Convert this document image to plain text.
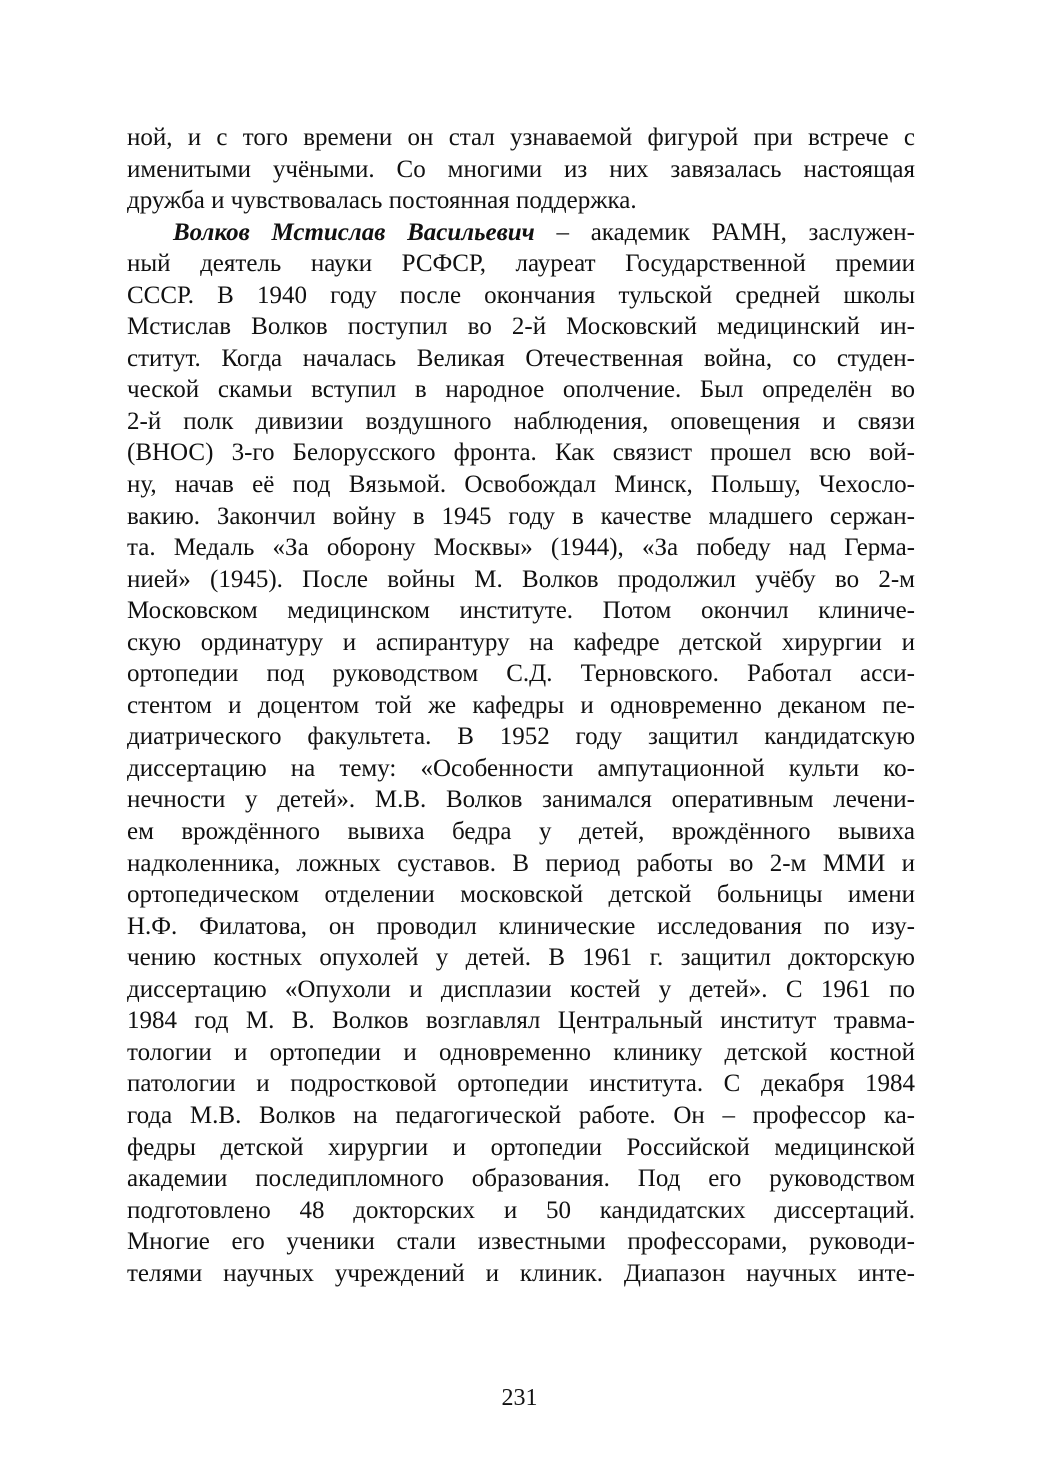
ной, и с того времени он стал узнаваемой фигурой при встрече с
именитыми учёными. Со многими из них завязалась настоящая
дружба и чувствовалась постоянная поддержка.
Волков Мстислав Васильевич – академик РАМН, заслужен-
ный деятель науки РСФСР, лауреат Государственной премии
СССР. В 1940 году после окончания тульской средней школы
Мстислав Волков поступил во 2-й Московский медицинский ин-
ститут. Когда началась Великая Отечественная война, со студен-
ческой скамьи вступил в народное ополчение. Был определён во
2-й полк дивизии воздушного наблюдения, оповещения и связи
(ВНОС) 3-го Белорусского фронта. Как связист прошел всю вой-
ну, начав её под Вязьмой. Освобождал Минск, Польшу, Чехосло-
вакию. Закончил войну в 1945 году в качестве младшего сержан-
та. Медаль «За оборону Москвы» (1944), «За победу над Герма-
нией» (1945). После войны М. Волков продолжил учёбу во 2-м
Московском медицинском институте. Потом окончил клиниче-
скую ординатуру и аспирантуру на кафедре детской хирургии и
ортопедии под руководством С.Д. Терновского. Работал асси-
стентом и доцентом той же кафедры и одновременно деканом пе-
диатрического факультета. В 1952 году защитил кандидатскую
диссертацию на тему: «Особенности ампутационной культи ко-
нечности у детей». М.В. Волков занимался оперативным лечени-
ем врождённого вывиха бедра у детей, врождённого вывиха
надколенника, ложных суставов. В период работы во 2-м ММИ и
ортопедическом отделении московской детской больницы имени
Н.Ф. Филатова, он проводил клинические исследования по изу-
чению костных опухолей у детей. В 1961 г. защитил докторскую
диссертацию «Опухоли и дисплазии костей у детей». С 1961 по
1984 год М. В. Волков возглавлял Центральный институт травма-
тологии и ортопедии и одновременно клинику детской костной
патологии и подростковой ортопедии института. С декабря 1984
года М.В. Волков на педагогической работе. Он – профессор ка-
федры детской хирургии и ортопедии Российской медицинской
академии последипломного образования. Под его руководством
подготовлено 48 докторских и 50 кандидатских диссертаций.
Многие его ученики стали известными профессорами, руководи-
телями научных учреждений и клиник. Диапазон научных инте-
231
